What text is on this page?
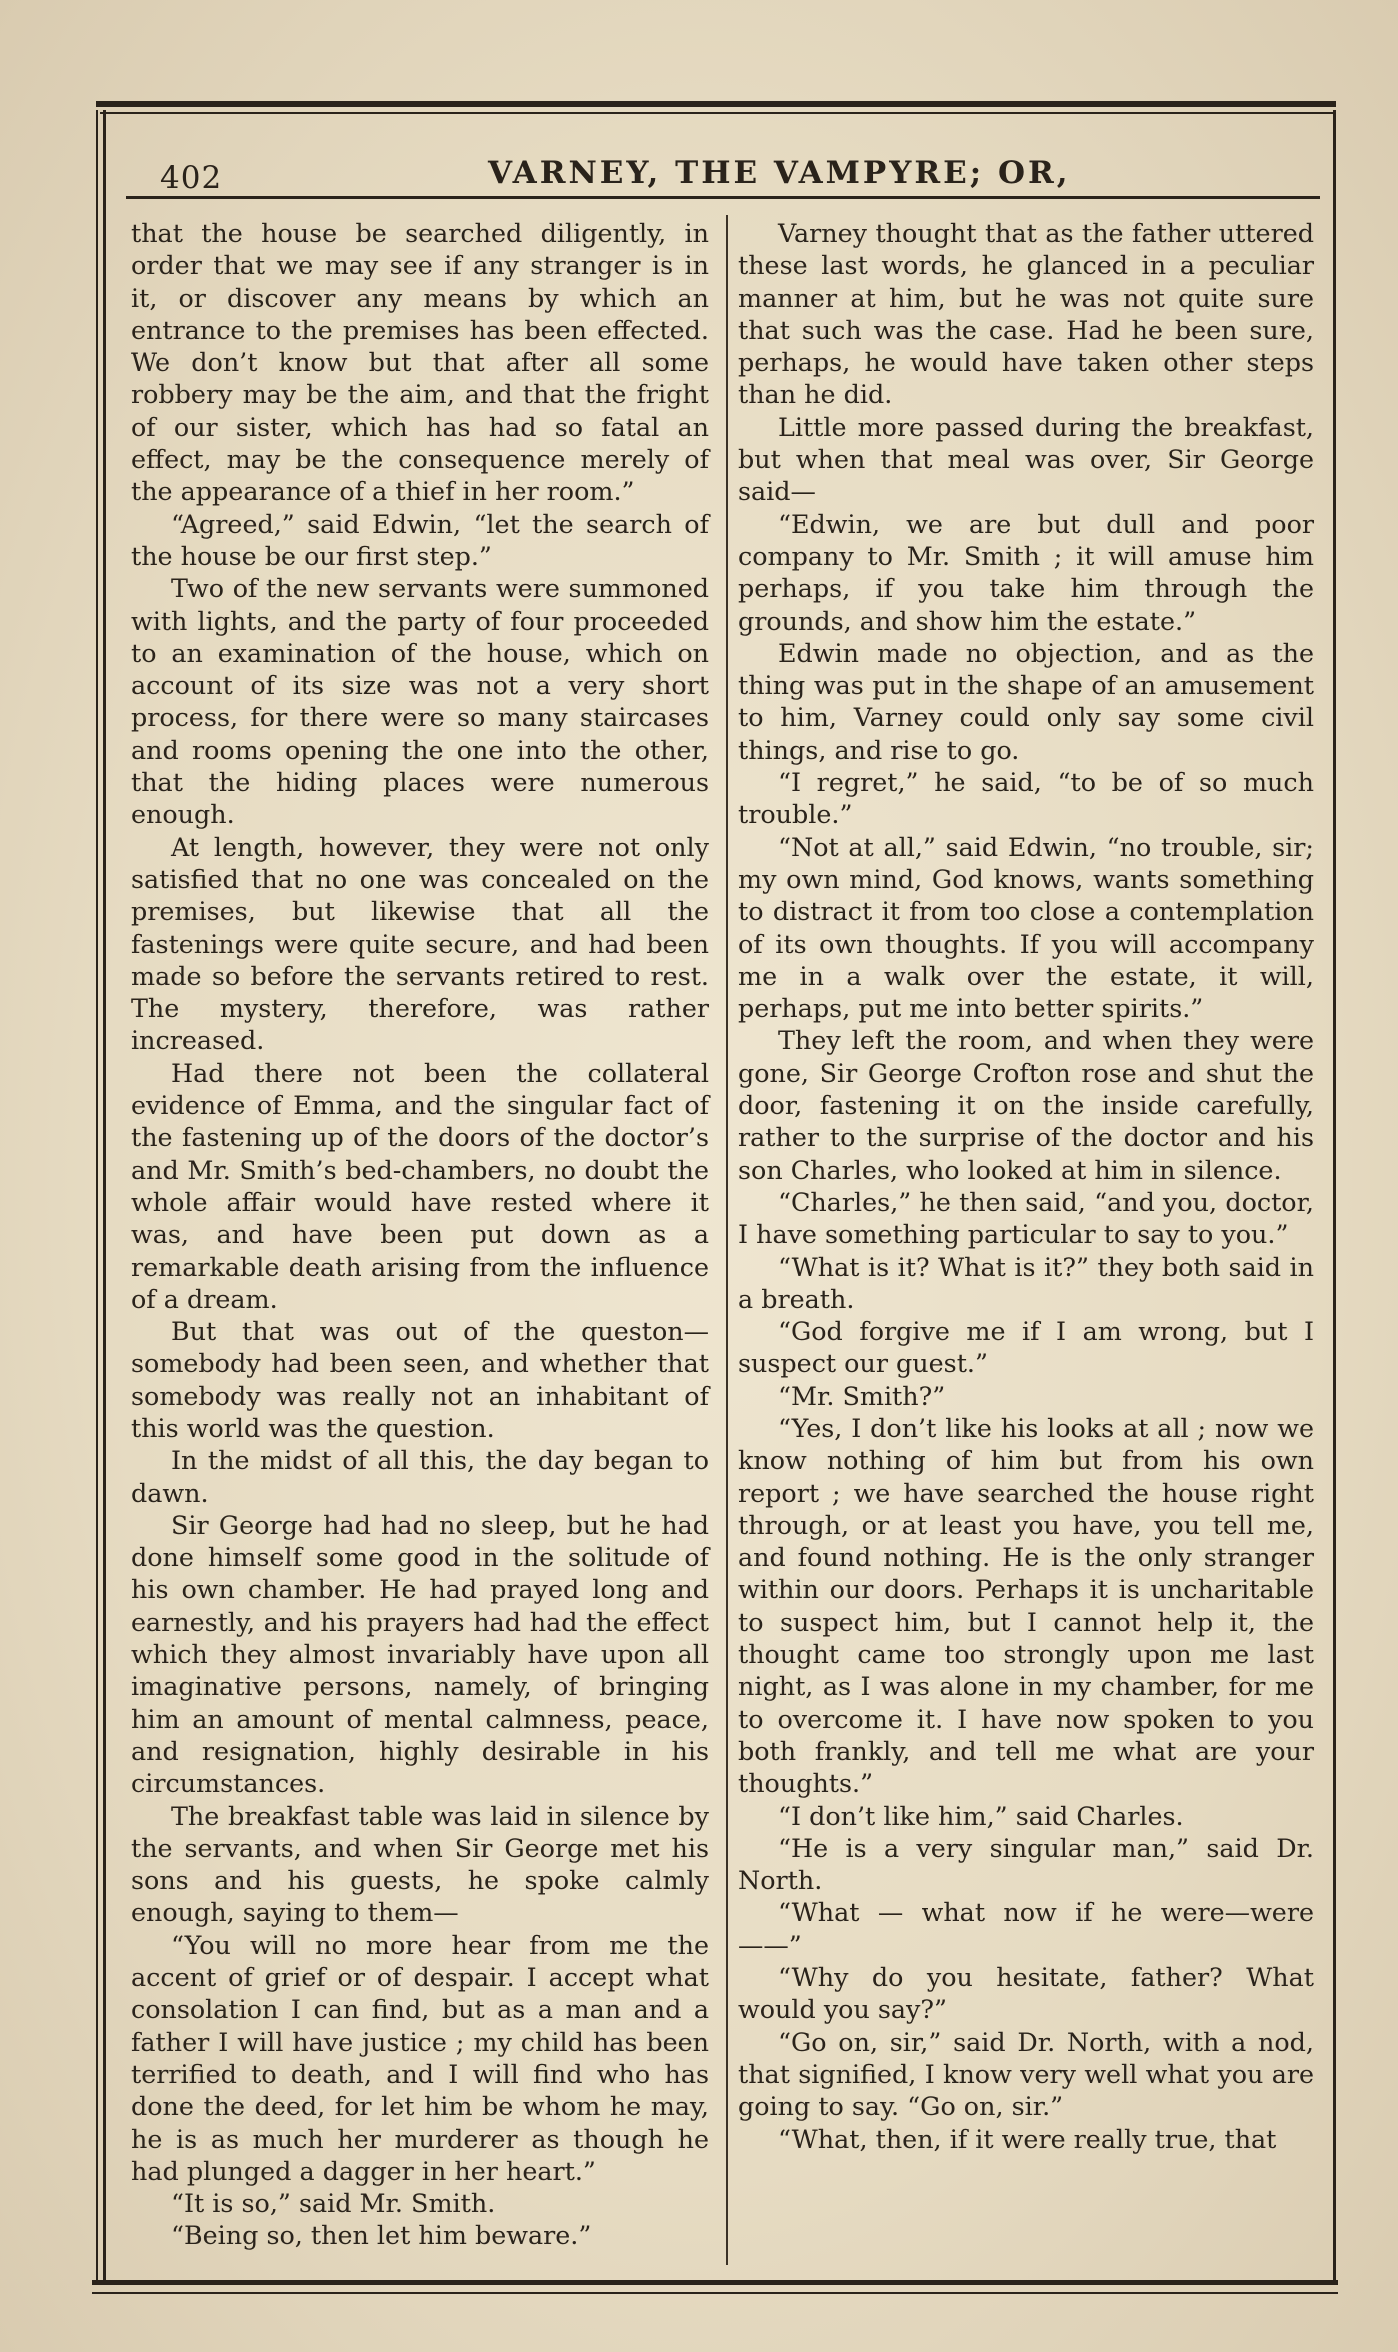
402	VARNEY, THE VAMPYRE; OR,

that the house be searched diligently, in order that we may see if any stranger is in it, or discover any means by which an entrance to the premises has been effected. We don’t know but that after all some robbery may be the aim, and that the fright of our sister, which has had so fatal an effect, may be the consequence merely of the appearance of a thief in her room.”

“Agreed,” said Edwin, “let the search of the house be our first step.”

Two of the new servants were summoned with lights, and the party of four proceeded to an examination of the house, which on account of its size was not a very short process, for there were so many staircases and rooms opening the one into the other, that the hiding places were numerous enough.

At length, however, they were not only satisfied that no one was concealed on the premises, but likewise that all the fastenings were quite secure, and had been made so before the servants retired to rest. The mystery, therefore, was rather increased.

Had there not been the collateral evidence of Emma, and the singular fact of the fastening up of the doors of the doctor’s and Mr. Smith’s bed-chambers, no doubt the whole affair would have rested where it was, and have been put down as a remarkable death arising from the influence of a dream.

But that was out of the queston—somebody had been seen, and whether that somebody was really not an inhabitant of this world was the question.

In the midst of all this, the day began to dawn.

Sir George had had no sleep, but he had done himself some good in the solitude of his own chamber. He had prayed long and earnestly, and his prayers had had the effect which they almost invariably have upon all imaginative persons, namely, of bringing him an amount of mental calmness, peace, and resignation, highly desirable in his circumstances.

The breakfast table was laid in silence by the servants, and when Sir George met his sons and his guests, he spoke calmly enough, saying to them—

“You will no more hear from me the accent of grief or of despair. I accept what consolation I can find, but as a man and a father I will have justice ; my child has been terrified to death, and I will find who has done the deed, for let him be whom he may, he is as much her murderer as though he had plunged a dagger in her heart.”

“It is so,” said Mr. Smith.

“Being so, then let him beware.”

Varney thought that as the father uttered these last words, he glanced in a peculiar manner at him, but he was not quite sure that such was the case. Had he been sure, perhaps, he would have taken other steps than he did.

Little more passed during the breakfast, but when that meal was over, Sir George said—

“Edwin, we are but dull and poor company to Mr. Smith ; it will amuse him perhaps, if you take him through the grounds, and show him the estate.”

Edwin made no objection, and as the thing was put in the shape of an amusement to him, Varney could only say some civil things, and rise to go.

“I regret,” he said, “to be of so much trouble.”

“Not at all,” said Edwin, “no trouble, sir; my own mind, God knows, wants something to distract it from too close a contemplation of its own thoughts. If you will accompany me in a walk over the estate, it will, perhaps, put me into better spirits.”

They left the room, and when they were gone, Sir George Crofton rose and shut the door, fastening it on the inside carefully, rather to the surprise of the doctor and his son Charles, who looked at him in silence.

“Charles,” he then said, “and you, doctor, I have something particular to say to you.”

“What is it? What is it?” they both said in a breath.

“God forgive me if I am wrong, but I suspect our guest.”

“Mr. Smith?”

“Yes, I don’t like his looks at all ; now we know nothing of him but from his own report ; we have searched the house right through, or at least you have, you tell me, and found nothing. He is the only stranger within our doors. Perhaps it is uncharitable to suspect him, but I cannot help it, the thought came too strongly upon me last night, as I was alone in my chamber, for me to overcome it. I have now spoken to you both frankly, and tell me what are your thoughts.”

“I don’t like him,” said Charles.

“He is a very singular man,” said Dr. North.

“What — what now if he were—were——”

“Why do you hesitate, father? What would you say?”

“Go on, sir,” said Dr. North, with a nod, that signified, I know very well what you are going to say. “Go on, sir.”

“What, then, if it were really true, that
